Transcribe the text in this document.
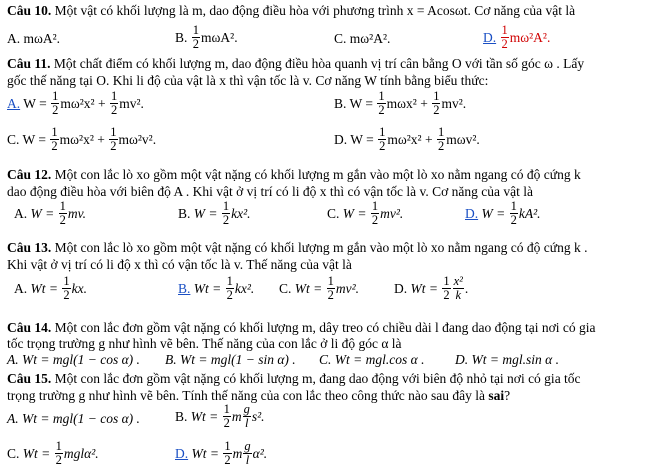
Câu 10. Một vật có khối lượng là m, dao động điều hòa với phương trình x = Acosωt. Cơ năng của vật là
A. mωA².	B.
$\frac{1}{2} m\omega A^2$.	C. mω²A².	D.
$\frac{1}{2} m\omega^2A^2$.
Câu 11. Một chất điểm có khối lượng m, dao động điều hòa quanh vị trí cân bằng O với tần số góc ω . Lấy
gốc thế năng tại O. Khi li độ của vật là x thì vận tốc là v. Cơ năng W tính bằng biểu thức:
A. $W = \frac{1}{2} m\omega^2x^2 + \frac{1}{2} mv^2$.	B. $W = \frac{1}{2} m\omega x^2 + \frac{1}{2} mv^2$.
C. $W = \frac{1}{2} m\omega^2x^2 + \frac{1}{2} m\omega^2v^2$.	D. $W = \frac{1}{2} m\omega^2x^2 + \frac{1}{2} m\omega v^2$.
Câu 12. Một con lắc lò xo gồm một vật nặng có khối lượng m gắn vào một lò xo nằm ngang có độ cứng k
dao động điều hòa với biên độ A . Khi vật ở vị trí có li độ x thì có vận tốc là v. Cơ năng của vật là
A. $W = \frac{1}{2}$ mv.	B. $W = \frac{1}{2} kx^2$.	C. $W = \frac{1}{2} mv^2$.	D. $W = \frac{1}{2} kA^2$.
Câu 13. Một con lắc lò xo gồm một vật nặng có khối lượng m gắn vào một lò xo nằm ngang có độ cứng k .
Khi vật ở vị trí có li độ x thì có vận tốc là v. Thế năng của vật là
A. $Wt = \frac{1}{2}$ kx.	B. $Wt = \frac{1}{2} kx^2$. C. $Wt = \frac{1}{2} mv^2$.	D. $Wt = \frac{1}{2} \frac{\text{x²}}{k}$ .
Câu 14. Một con lắc đơn gồm vật nặng có khối lượng m, dây treo có chiều dài l đang dao động tại nơi có gia
tốc trọng trường g như hình vẽ bên. Thế năng của con lắc ở li độ góc α là
A. Wt = mgl(1 − cos α) . B. Wt = mgl(1 − sin α) . C. Wt = mgl.cos α . D. Wt = mgl.sin α .
Câu 15. Một con lắc đơn gồm vật nặng có khối lượng m, đang dao động với biên độ nhỏ tại nơi có gia tốc
trọng trường g như hình vẽ bên. Tính thế năng của con lắc theo công thức nào sau đây là sai?
A. Wt = mgl(1 − cos α) .	B. $Wt = \frac{1}{2}$ m $\frac{g}{l} s^2$.
C. $Wt = \frac{1}{2} mgl\alpha^2$.	D. $Wt = \frac{1}{2}$ m $\frac{g}{l} \alpha^2$.
